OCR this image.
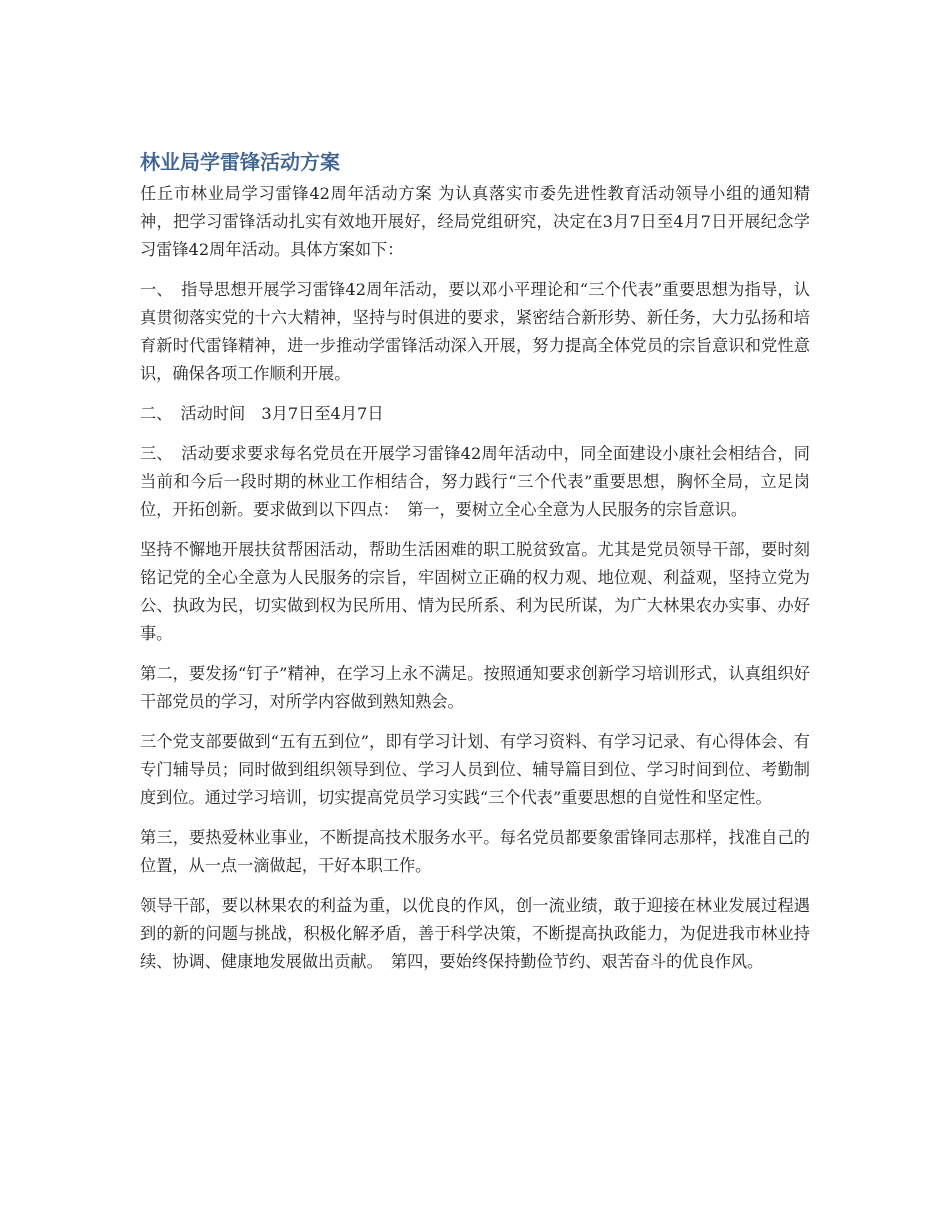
林业局学雷锋活动方案

任丘市林业局学习雷锋42周年活动方案 为认真落实市委先进性教育活动领导小组的通知精神，把学习雷锋活动扎实有效地开展好，经局党组研究，决定在3月7日至4月7日开展纪念学习雷锋42周年活动。具体方案如下：

一、　指导思想开展学习雷锋42周年活动，要以邓小平理论和“三个代表”重要思想为指导，认真贯彻落实党的十六大精神，坚持与时俱进的要求，紧密结合新形势、新任务，大力弘扬和培育新时代雷锋精神，进一步推动学雷锋活动深入开展，努力提高全体党员的宗旨意识和党性意识，确保各项工作顺利开展。

二、　活动时间　3月7日至4月7日

三、　活动要求要求每名党员在开展学习雷锋42周年活动中，同全面建设小康社会相结合，同当前和今后一段时期的林业工作相结合，努力践行“三个代表”重要思想，胸怀全局，立足岗位，开拓创新。要求做到以下四点：　第一，要树立全心全意为人民服务的宗旨意识。

坚持不懈地开展扶贫帮困活动，帮助生活困难的职工脱贫致富。尤其是党员领导干部，要时刻铭记党的全心全意为人民服务的宗旨，牢固树立正确的权力观、地位观、利益观，坚持立党为公、执政为民，切实做到权为民所用、情为民所系、利为民所谋，为广大林果农办实事、办好事。

第二，要发扬“钉子”精神，在学习上永不满足。按照通知要求创新学习培训形式，认真组织好干部党员的学习，对所学内容做到熟知熟会。

三个党支部要做到“五有五到位”，即有学习计划、有学习资料、有学习记录、有心得体会、有专门辅导员；同时做到组织领导到位、学习人员到位、辅导篇目到位、学习时间到位、考勤制度到位。通过学习培训，切实提高党员学习实践“三个代表”重要思想的自觉性和坚定性。

第三，要热爱林业事业，不断提高技术服务水平。每名党员都要象雷锋同志那样，找准自己的位置，从一点一滴做起，干好本职工作。

领导干部，要以林果农的利益为重，以优良的作风，创一流业绩，敢于迎接在林业发展过程遇到的新的问题与挑战，积极化解矛盾，善于科学决策，不断提高执政能力，为促进我市林业持续、协调、健康地发展做出贡献。　第四，要始终保持勤俭节约、艰苦奋斗的优良作风。
